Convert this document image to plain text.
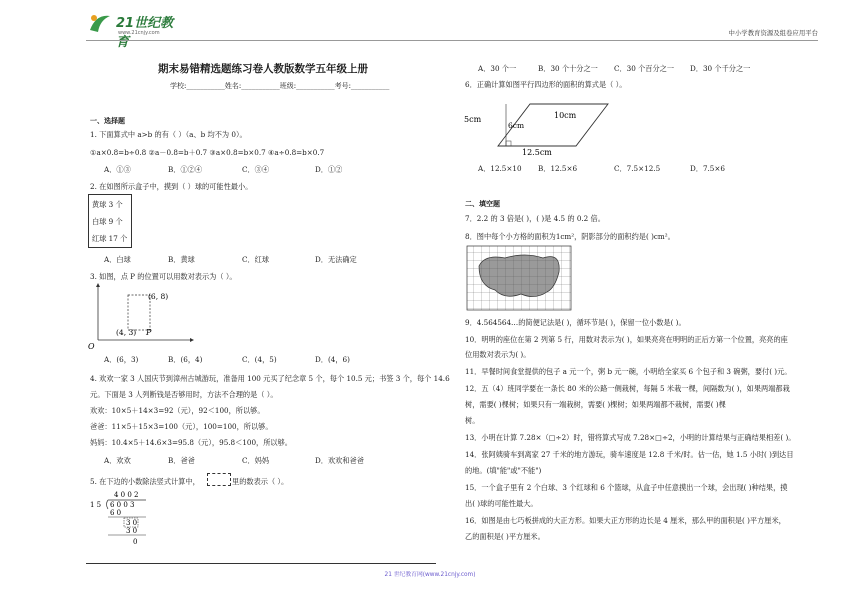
21世纪教育
www.21cnjy.com	中小学教育资源及组卷应用平台
期末易错精选题练习卷人教版数学五年级上册
学校:___________姓名:___________班级:___________考号:___________
一、选择题
1. 下面算式中 a>b 的有（ ）（a、b 均不为 0）。
①a×0.8=b÷0.8 ②a－0.8=b＋0.7 ③a×0.8=b×0.7 ④a÷0.8=b×0.7
A．①③	B．①②④	C．③④	D．①②
2. 在如图所示盒子中，摸到（ ）球的可能性最小。
黄球 3 个
白球 9 个
红球 17 个
A．白球	B．黄球	C．红球	D．无法确定
3. 如图，点 P 的位置可以用数对表示为（ ）。
(6, 8)
(4, 3) P
O
A．(6，3)	B．(6，4)	C．(4，5)	D．(4，6)
4. 欢欢一家 3 人国庆节到漳州古城游玩，准备用 100 元买了纪念章 5 个，每个 10.5 元；书签 3 个，每个 14.6
元。下面是 3 人列断钱是否够用时，方法不合理的是（ ）。
欢欢：10×5＋14×3=92（元），92＜100，所以够。
爸爸：11×5＋15×3=100（元），100=100，所以够。
妈妈：10.4×5＋14.6×3=95.8（元），95.8＜100，所以够。
A．欢欢	B．爸爸	C．妈妈	D．欢欢和爸爸
5. 在下边的小数除法竖式计算中，	里的数表示（ ）。
4 0 0 2
1 5 6 0 0 3
6 0
3 0
3 0
0
A．30 个一	B．30 个十分之一 C．30 个百分之一 D．30 个千分之一
6．正确计算如图平行四边形的面积的算式是（ ）。
5cm	10cm
6cm
12.5cm
A．12.5×10 B．12.5×6	C．7.5×12.5	D．7.5×6
二、填空题
7．2.2 的 3 倍是( )，( )是 4.5 的 0.2 倍。
8．图中每个小方格的面积为1cm²，阴影部分的面积约是( )cm²。
9．4.564564…的简便记法是( )，循环节是( )，保留一位小数是( )。
10．明明的座位在第 2 列第 5 行，用数对表示为( )，如果亮亮在明明的正后方第一个位置，亮亮的座
位用数对表示为( )。
11．早餐时间食堂提供的包子 a 元一个，粥 b 元一碗，小明给全家买 6 个包子和 3 碗粥，要付( )元。
12．五（4）班同学要在一条长 80 米的公路一侧栽树，每隔 5 米栽一棵，间隔数为( )，如果两端都栽
树，需要( )棵树；如果只有一端栽树，需要( )棵树；如果两端都不栽树，需要( )棵
树。
13．小明在计算 7.28×（□÷2）时，错将算式写成 7.28×□÷2，小明的计算结果与正确结果相差( )。
14．张阿姨骑车到离家 27 千米的地方游玩，骑车速度是 12.8 千米/时。估一估，她 1.5 小时( )到达目
的地。(填"能"或"不能")
15．一个盒子里有 2 个白球、3 个红球和 6 个篮球，从盒子中任意摸出一个球，会出现( )种结果，摸
出( )球的可能性最大。
16．如图是由七巧板拼成的大正方形。如果大正方形的边长是 4 厘米，那么甲的面积是( )平方厘米，
乙的面积是( )平方厘米。
21 世纪教育网(www.21cnjy.com)
